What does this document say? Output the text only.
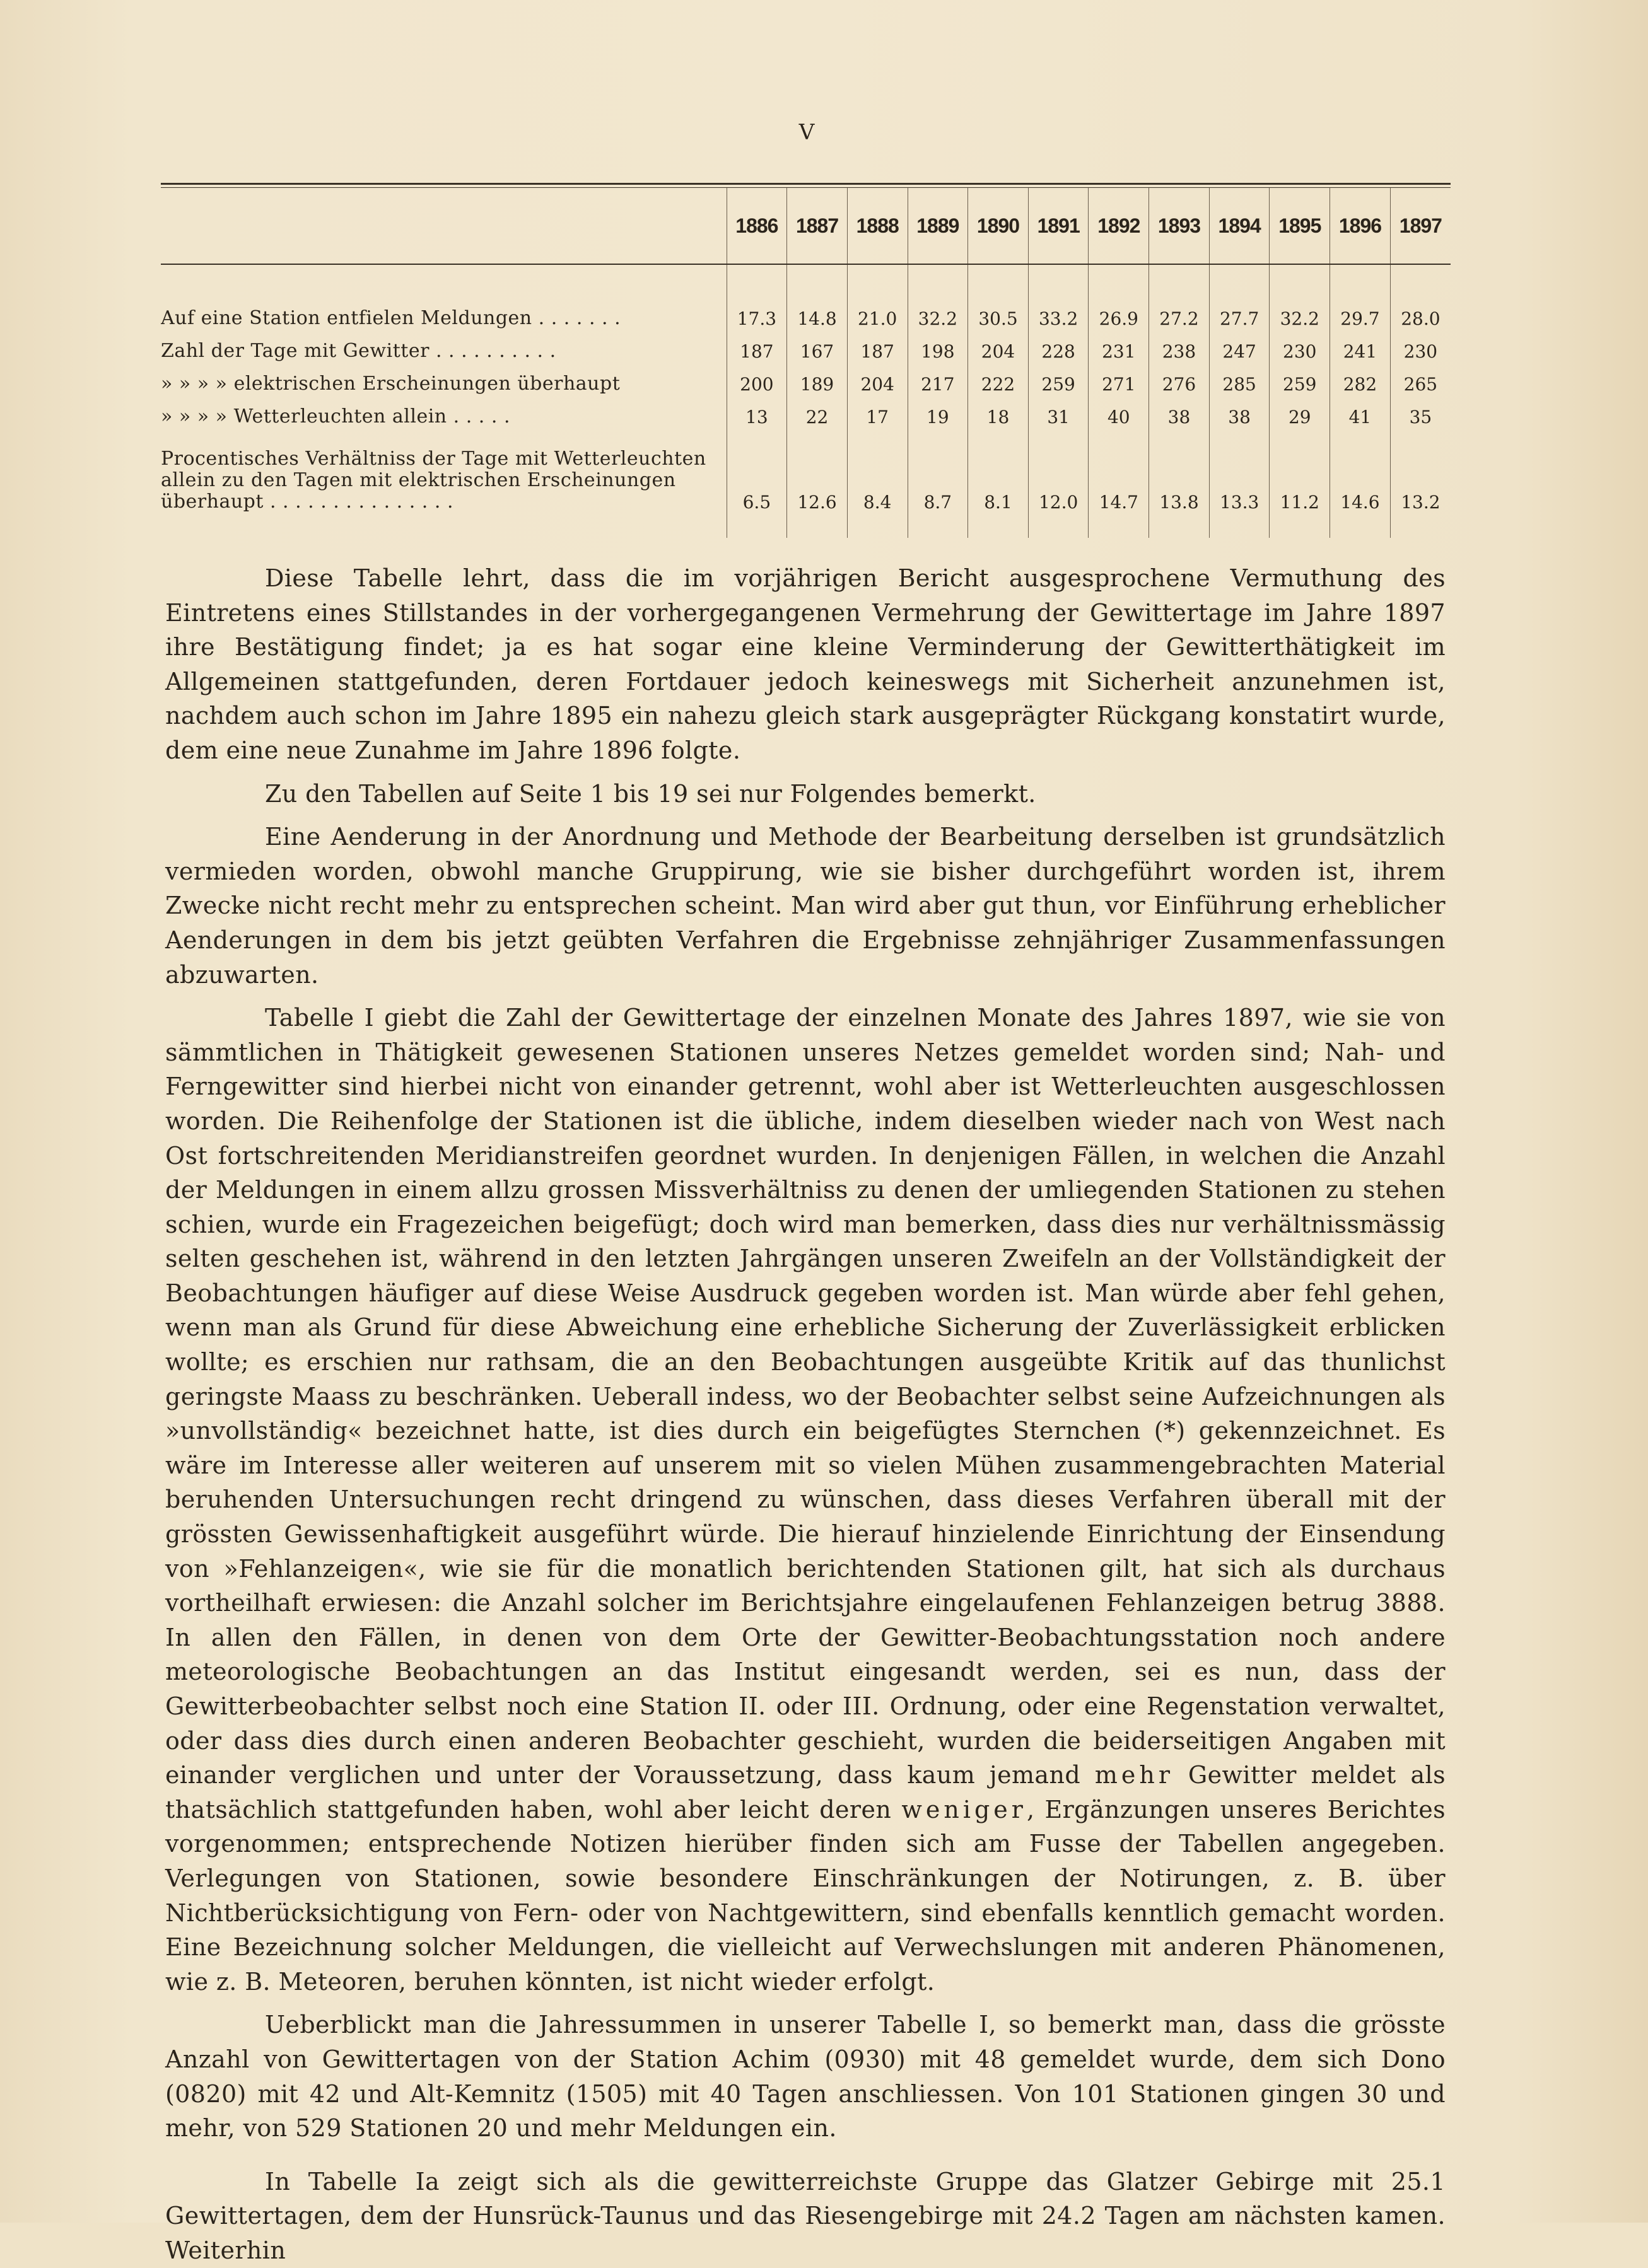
V
	1886	1887	1888	1889	1890	1891	1892	1893	1894	1895	1896	1897
Auf eine Station entfielen Meldungen . . . . . . .	17.3	14.8	21.0	32.2	30.5	33.2	26.9	27.2	27.7	32.2	29.7	28.0
Zahl der Tage mit Gewitter . . . . . . . . . .	187	167	187	198	204	228	231	238	247	230	241	230
» » » » elektrischen Erscheinungen überhaupt	200	189	204	217	222	259	271	276	285	259	282	265
» » » » Wetterleuchten allein . . . . .	13	22	17	19	18	31	40	38	38	29	41	35
Procentisches Verhältniss der Tage mit Wetterleuchten allein zu den Tagen mit elektrischen Erscheinungen überhaupt . . . . . . . . . . . . . . .	6.5	12.6	8.4	8.7	8.1	12.0	14.7	13.8	13.3	11.2	14.6	13.2

Diese Tabelle lehrt, dass die im vorjährigen Bericht ausgesprochene Vermuthung des Eintretens eines Stillstandes in der vorhergegangenen Vermehrung der Gewittertage im Jahre 1897 ihre Bestätigung findet; ja es hat sogar eine kleine Verminderung der Gewitterthätigkeit im Allgemeinen stattgefunden, deren Fortdauer jedoch keineswegs mit Sicherheit anzunehmen ist, nachdem auch schon im Jahre 1895 ein nahezu gleich stark ausgeprägter Rückgang konstatirt wurde, dem eine neue Zunahme im Jahre 1896 folgte.

Zu den Tabellen auf Seite 1 bis 19 sei nur Folgendes bemerkt.

Eine Aenderung in der Anordnung und Methode der Bearbeitung derselben ist grundsätzlich vermieden worden, obwohl manche Gruppirung, wie sie bisher durchgeführt worden ist, ihrem Zwecke nicht recht mehr zu entsprechen scheint. Man wird aber gut thun, vor Einführung erheblicher Aenderungen in dem bis jetzt geübten Verfahren die Ergebnisse zehnjähriger Zusammenfassungen abzuwarten.

Tabelle I giebt die Zahl der Gewittertage der einzelnen Monate des Jahres 1897, wie sie von sämmtlichen in Thätigkeit gewesenen Stationen unseres Netzes gemeldet worden sind; Nah- und Ferngewitter sind hierbei nicht von einander getrennt, wohl aber ist Wetterleuchten ausgeschlossen worden. Die Reihenfolge der Stationen ist die übliche, indem dieselben wieder nach von West nach Ost fortschreitenden Meridianstreifen geordnet wurden. In denjenigen Fällen, in welchen die Anzahl der Meldungen in einem allzu grossen Missverhältniss zu denen der umliegenden Stationen zu stehen schien, wurde ein Fragezeichen beigefügt; doch wird man bemerken, dass dies nur verhältnissmässig selten geschehen ist, während in den letzten Jahrgängen unseren Zweifeln an der Vollständigkeit der Beobachtungen häufiger auf diese Weise Ausdruck gegeben worden ist. Man würde aber fehl gehen, wenn man als Grund für diese Abweichung eine erhebliche Sicherung der Zuverlässigkeit erblicken wollte; es erschien nur rathsam, die an den Beobachtungen ausgeübte Kritik auf das thunlichst geringste Maass zu beschränken. Ueberall indess, wo der Beobachter selbst seine Aufzeichnungen als »unvollständig« bezeichnet hatte, ist dies durch ein beigefügtes Sternchen (*) gekennzeichnet. Es wäre im Interesse aller weiteren auf unserem mit so vielen Mühen zusammengebrachten Material beruhenden Untersuchungen recht dringend zu wünschen, dass dieses Verfahren überall mit der grössten Gewissenhaftigkeit ausgeführt würde. Die hierauf hinzielende Einrichtung der Einsendung von »Fehlanzeigen«, wie sie für die monatlich berichtenden Stationen gilt, hat sich als durchaus vortheilhaft erwiesen: die Anzahl solcher im Berichtsjahre eingelaufenen Fehlanzeigen betrug 3888. In allen den Fällen, in denen von dem Orte der Gewitter-Beobachtungsstation noch andere meteorologische Beobachtungen an das Institut eingesandt werden, sei es nun, dass der Gewitterbeobachter selbst noch eine Station II. oder III. Ordnung, oder eine Regenstation verwaltet, oder dass dies durch einen anderen Beobachter geschieht, wurden die beiderseitigen Angaben mit einander verglichen und unter der Voraussetzung, dass kaum jemand mehr Gewitter meldet als thatsächlich stattgefunden haben, wohl aber leicht deren weniger, Ergänzungen unseres Berichtes vorgenommen; entsprechende Notizen hierüber finden sich am Fusse der Tabellen angegeben. Verlegungen von Stationen, sowie besondere Einschränkungen der Notirungen, z. B. über Nichtberücksichtigung von Fern- oder von Nachtgewittern, sind ebenfalls kenntlich gemacht worden. Eine Bezeichnung solcher Meldungen, die vielleicht auf Verwechslungen mit anderen Phänomenen, wie z. B. Meteoren, beruhen könnten, ist nicht wieder erfolgt.

Ueberblickt man die Jahressummen in unserer Tabelle I, so bemerkt man, dass die grösste Anzahl von Gewittertagen von der Station Achim (0930) mit 48 gemeldet wurde, dem sich Dono (0820) mit 42 und Alt-Kemnitz (1505) mit 40 Tagen anschliessen. Von 101 Stationen gingen 30 und mehr, von 529 Stationen 20 und mehr Meldungen ein.

In Tabelle Ia zeigt sich als die gewitterreichste Gruppe das Glatzer Gebirge mit 25.1 Gewittertagen, dem der Hunsrück-Taunus und das Riesengebirge mit 24.2 Tagen am nächsten kamen. Weiterhin
